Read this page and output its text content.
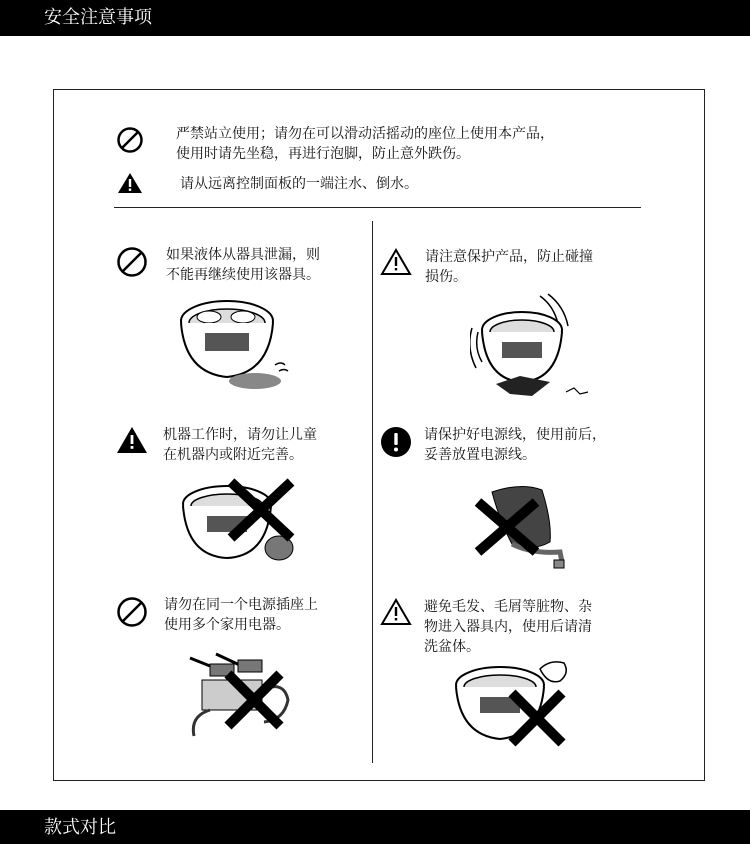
安全注意事项
严禁站立使用；请勿在可以滑动活摇动的座位上使用本产品，
使用时请先坐稳，再进行泡脚，防止意外跌伤。
请从远离控制面板的一端注水、倒水。
如果液体从器具泄漏，则
不能再继续使用该器具。
请注意保护产品，防止碰撞
损伤。
机器工作时，请勿让儿童
在机器内或附近完善。
请保护好电源线，使用前后，
妥善放置电源线。
请勿在同一个电源插座上
使用多个家用电器。
避免毛发、毛屑等脏物、杂
物进入器具内，使用后请清
洗盆体。
款式对比
